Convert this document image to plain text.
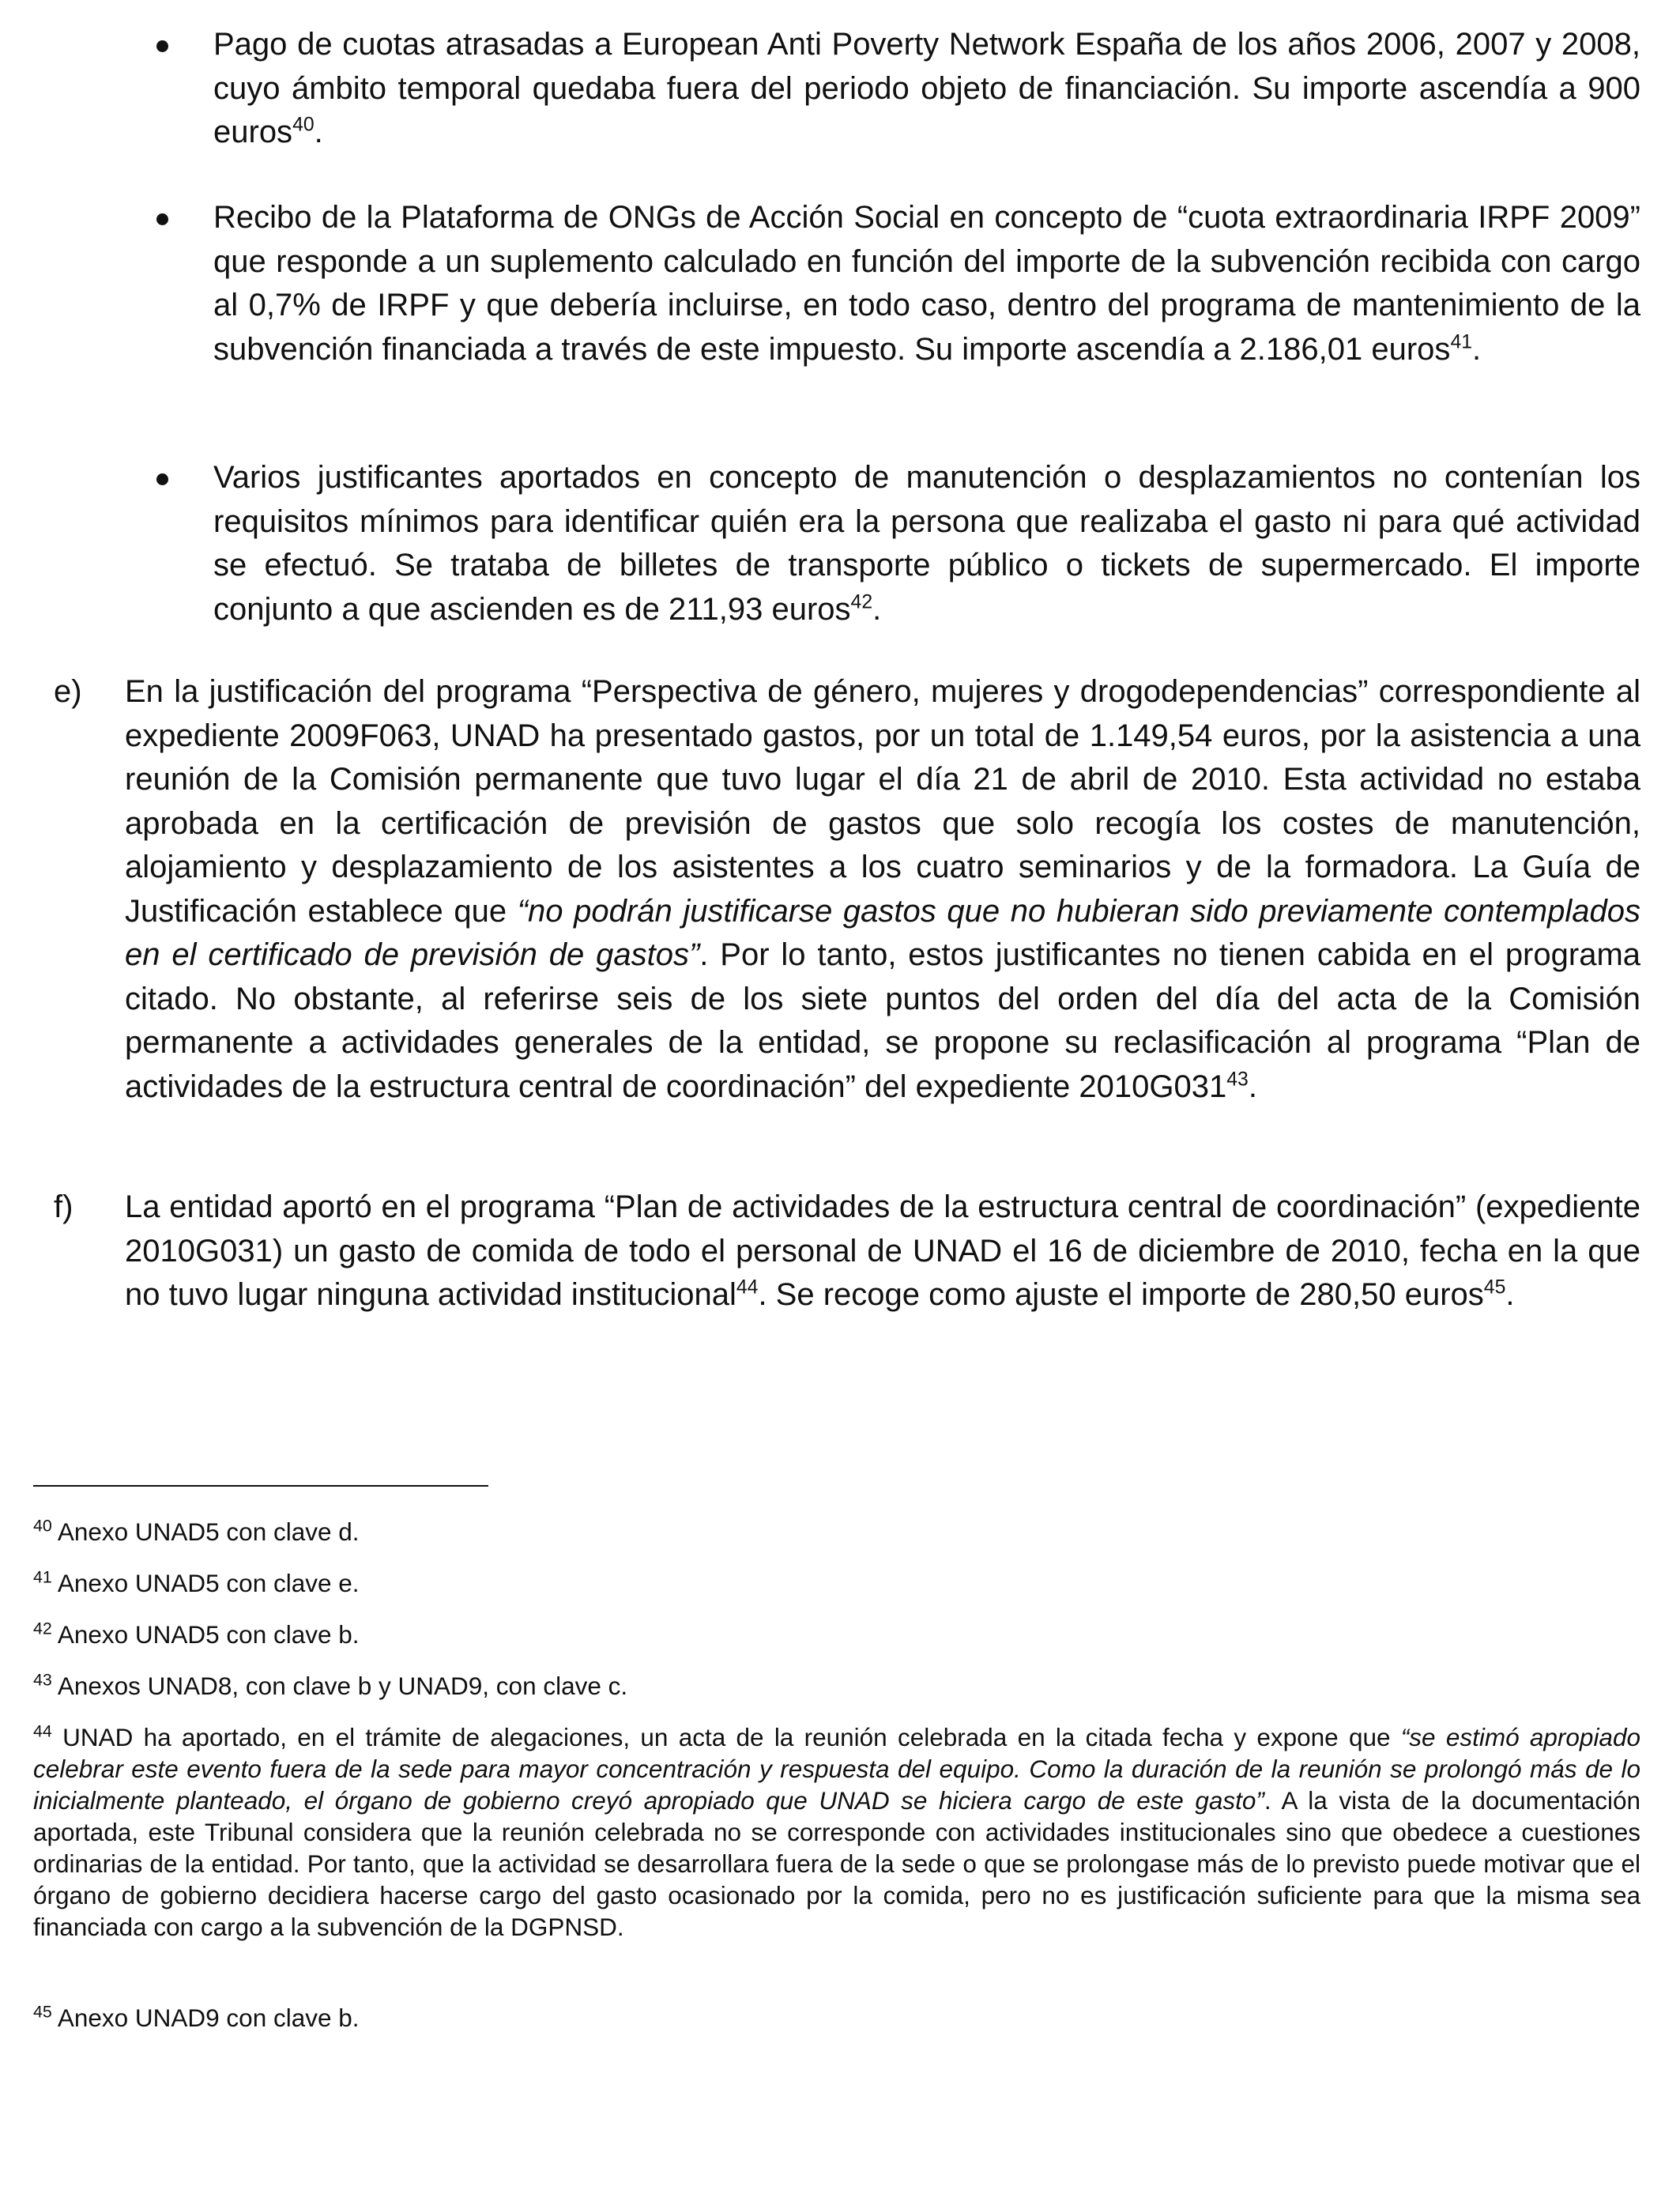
Pago de cuotas atrasadas a European Anti Poverty Network España de los años 2006, 2007 y 2008, cuyo ámbito temporal quedaba fuera del periodo objeto de financiación. Su importe ascendía a 900 euros$^{40}$.
Recibo de la Plataforma de ONGs de Acción Social en concepto de “cuota extraordinaria IRPF 2009” que responde a un suplemento calculado en función del importe de la subvención recibida con cargo al 0,7% de IRPF y que debería incluirse, en todo caso, dentro del programa de mantenimiento de la subvención financiada a través de este impuesto. Su importe ascendía a 2.186,01 euros$^{41}$.
Varios justificantes aportados en concepto de manutención o desplazamientos no contenían los requisitos mínimos para identificar quién era la persona que realizaba el gasto ni para qué actividad se efectuó. Se trataba de billetes de transporte público o tickets de supermercado. El importe conjunto a que ascienden es de 211,93 euros$^{42}$.
e) En la justificación del programa “Perspectiva de género, mujeres y drogodependencias” correspondiente al expediente 2009F063, UNAD ha presentado gastos, por un total de 1.149,54 euros, por la asistencia a una reunión de la Comisión permanente que tuvo lugar el día 21 de abril de 2010. Esta actividad no estaba aprobada en la certificación de previsión de gastos que solo recogía los costes de manutención, alojamiento y desplazamiento de los asistentes a los cuatro seminarios y de la formadora. La Guía de Justificación establece que “no podrán justificarse gastos que no hubieran sido previamente contemplados en el certificado de previsión de gastos”. Por lo tanto, estos justificantes no tienen cabida en el programa citado. No obstante, al referirse seis de los siete puntos del orden del día del acta de la Comisión permanente a actividades generales de la entidad, se propone su reclasificación al programa “Plan de actividades de la estructura central de coordinación” del expediente $2010G031^{43}$.
f) La entidad aportó en el programa “Plan de actividades de la estructura central de coordinación” (expediente 2010G031) un gasto de comida de todo el personal de UNAD el 16 de diciembre de 2010, fecha en la que no tuvo lugar ninguna actividad institucional$^{44}$. Se recoge como ajuste el importe de 280,50 euros$^{45}$.
$^{40}$ Anexo UNAD5 con clave d.
$^{41}$ Anexo UNAD5 con clave e.
$^{42}$ Anexo UNAD5 con clave b.
$^{43}$ Anexos UNAD8, con clave b y UNAD9, con clave c.
$^{44}$ UNAD ha aportado, en el trámite de alegaciones, un acta de la reunión celebrada en la citada fecha y expone que “se estimó apropiado celebrar este evento fuera de la sede para mayor concentración y respuesta del equipo. Como la duración de la reunión se prolongó más de lo inicialmente planteado, el órgano de gobierno creyó apropiado que UNAD se hiciera cargo de este gasto”. A la vista de la documentación aportada, este Tribunal considera que la reunión celebrada no se corresponde con actividades institucionales sino que obedece a cuestiones ordinarias de la entidad. Por tanto, que la actividad se desarrollara fuera de la sede o que se prolongase más de lo previsto puede motivar que el órgano de gobierno decidiera hacerse cargo del gasto ocasionado por la comida, pero no es justificación suficiente para que la misma sea financiada con cargo a la subvención de la DGPNSD.
$^{45}$ Anexo UNAD9 con clave b.
